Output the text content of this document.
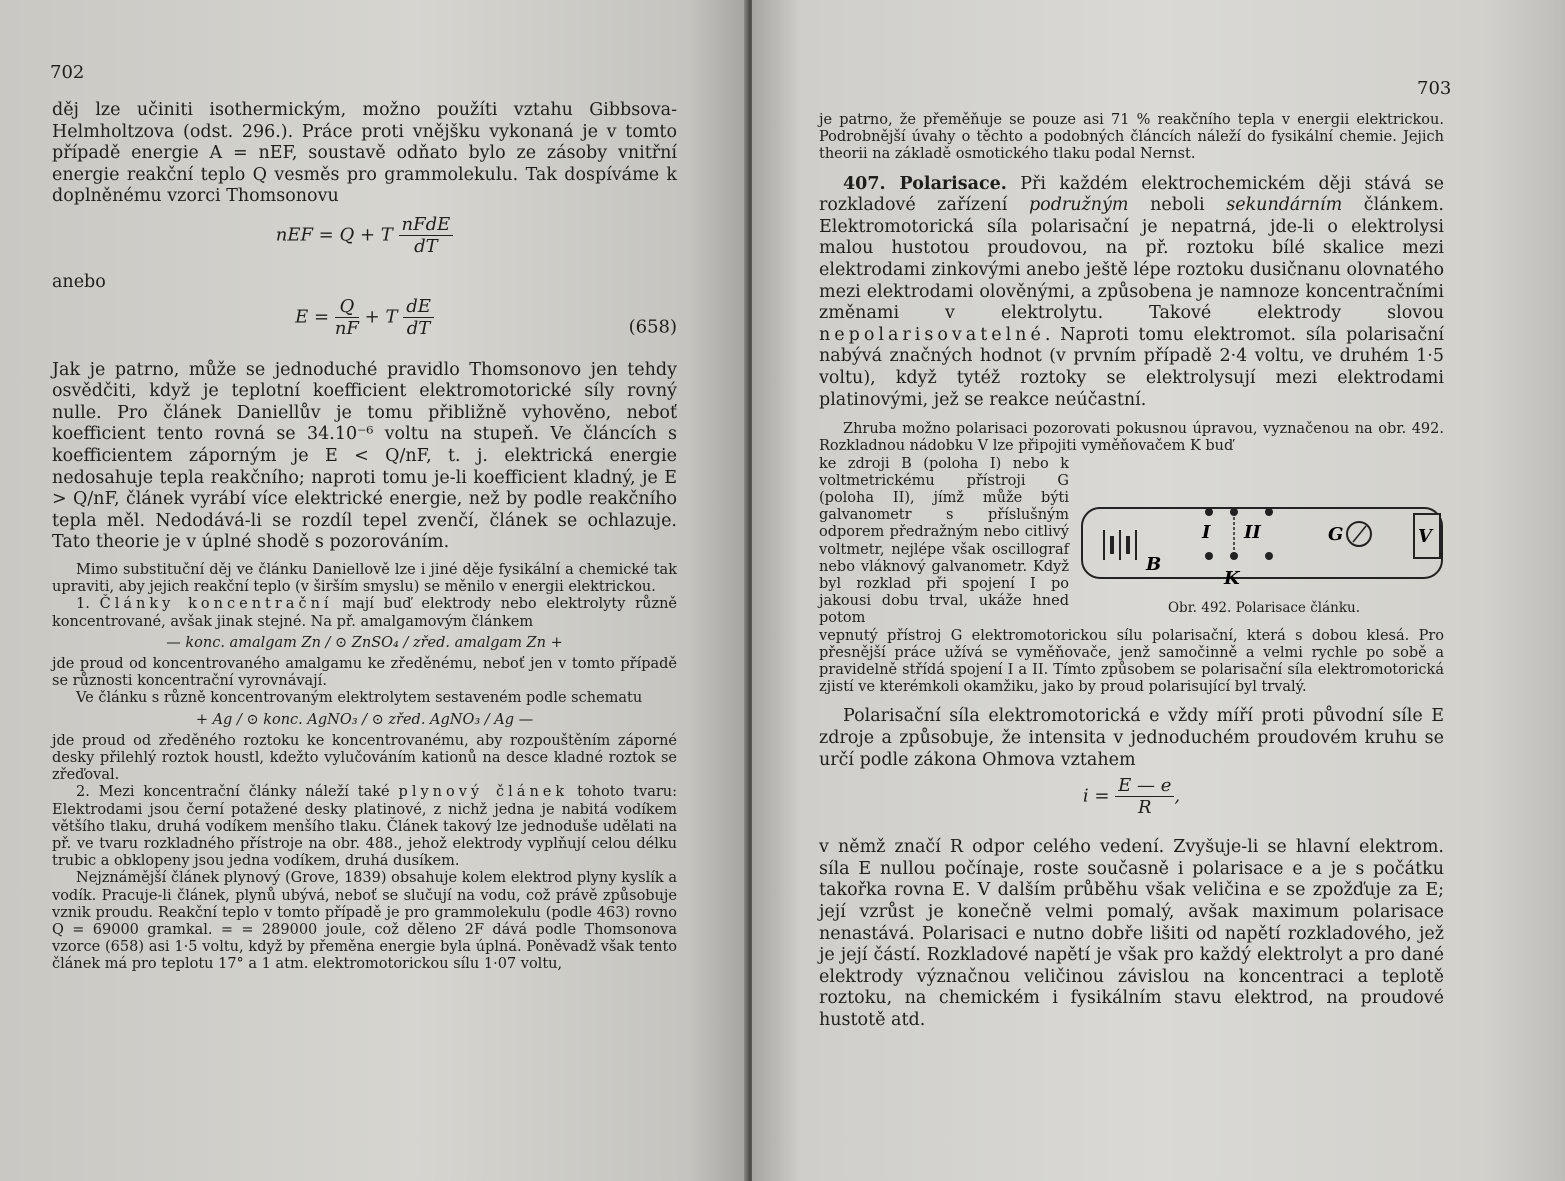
702

děj lze učiniti isothermickým, možno použíti vztahu Gibbsova-Helmholtzova (odst. 296.). Práce proti vnějšku vykonaná je v tomto případě energie A = nEF, soustavě odňato bylo ze zásoby vnitřní energie reakční teplo Q vesměs pro grammolekulu. Tak dospíváme k doplněnému vzorci Thomsonovu

nEF = Q + T $\frac{\text{nFdE}}{dT}$

anebo

$E = \frac{Q}{nF} + T \frac{dE}{dT}$	(658)

Jak je patrno, může se jednoduché pravidlo Thomsonovo jen tehdy osvědčiti, když je teplotní koefficient elektromotorické síly rovný nulle. Pro článek Daniellův je tomu přibližně vyhověno, neboť koefficient tento rovná se 34.10⁻⁶ voltu na stupeň. Ve článcích s koefficientem záporným je E < Q/nF, t. j. elektrická energie nedosahuje tepla reakčního; naproti tomu je-li koefficient kladný, je E > Q/nF, článek vyrábí více elektrické energie, než by podle reakčního tepla měl. Nedodává-li se rozdíl tepel zvenčí, článek se ochlazuje. Tato theorie je v úplné shodě s pozorováním.

Mimo substituční děj ve článku Daniellově lze i jiné děje fysikální a chemické tak upraviti, aby jejich reakční teplo (v širším smyslu) se měnilo v energii elektrickou.

1. Články koncentrační mají buď elektrody nebo elektrolyty různě koncentrované, avšak jinak stejné. Na př. amalgamovým článkem

— konc. amalgam Zn / ⊙ ZnSO₄ / zřed. amalgam Zn +

jde proud od koncentrovaného amalgamu ke zředěnému, neboť jen v tomto případě se různosti koncentrační vyrovnávají.

Ve článku s různě koncentrovaným elektrolytem sestaveném podle schematu

+ Ag / ⊙ konc. AgNO₃ / ⊙ zřed. AgNO₃ / Ag —

jde proud od zředěného roztoku ke koncentrovanému, aby rozpouštěním záporné desky přilehlý roztok houstl, kdežto vylučováním kationů na desce kladné roztok se zřeďoval.

2. Mezi koncentrační články náleží také plynový článek tohoto tvaru: Elektrodami jsou černí potažené desky platinové, z nichž jedna je nabitá vodíkem většího tlaku, druhá vodíkem menšího tlaku. Článek takový lze jednoduše udělati na př. ve tvaru rozkladného přístroje na obr. 488., jehož elektrody vyplňují celou délku trubic a obklopeny jsou jedna vodíkem, druhá dusíkem.

Nejznámější článek plynový (Grove, 1839) obsahuje kolem elektrod plyny kyslík a vodík. Pracuje-li článek, plynů ubývá, neboť se slučují na vodu, což právě způsobuje vznik proudu. Reakční teplo v tomto případě je pro grammolekulu (podle 463) rovno Q = 69000 gramkal. = = 289000 joule, což děleno 2F dává podle Thomsonova vzorce (658) asi 1·5 voltu, když by přeměna energie byla úplná. Poněvadž však tento článek má pro teplotu 17° a 1 atm. elektromotorickou sílu 1·07 voltu,

703

je patrno, že přeměňuje se pouze asi 71 % reakčního tepla v energii elektrickou. Podrobnější úvahy o těchto a podobných článcích náleží do fysikální chemie. Jejich theorii na základě osmotického tlaku podal Nernst.

407. Polarisace. Při každém elektrochemickém ději stává se rozkladové zařízení podružným neboli sekundárním článkem. Elektromotorická síla polarisační je nepatrná, jde-li o elektrolysi malou hustotou proudovou, na př. roztoku bílé skalice mezi elektrodami zinkovými anebo ještě lépe roztoku dusičnanu olovnatého mezi elektrodami olověnými, a způsobena je namnoze koncentračními změnami v elektrolytu. Takové elektrody slovou nepolarisovatelné. Naproti tomu elektromot. síla polarisační nabývá značných hodnot (v prvním případě 2·4 voltu, ve druhém 1·5 voltu), když tytéž roztoky se elektrolysují mezi elektrodami platinovými, jež se reakce neúčastní.

Zhruba možno polarisaci pozorovati pokusnou úpravou, vyznačenou na obr. 492. Rozkladnou nádobku V lze připojiti vyměňovačem K buď

ke zdroji B (poloha I) nebo k voltmetrickému přístroji G (poloha II), jímž může býti galvanometr s příslušným odporem předražným nebo citlivý voltmetr, nejlépe však oscillograf nebo vláknový galvanometr. Když byl rozklad při spojení I po jakousi dobu trval, ukáže hned potom

vepnutý přístroj G elektromotorickou sílu polarisační, která s dobou klesá. Pro přesnější práce užívá se vyměňovače, jenž samočinně a velmi rychle po sobě a pravidelně střídá spojení I a II. Tímto způsobem se polarisační síla elektromotorická zjistí ve kterémkoli okamžiku, jako by proud polarisující byl trvalý.

Polarisační síla elektromotorická e vždy míří proti původní síle E zdroje a způsobuje, že intensita v jednoduchém proudovém kruhu se určí podle zákona Ohmova vztahem

$i = \frac{E — e}{R}$ ,

v němž značí R odpor celého vedení. Zvyšuje-li se hlavní elektrom. síla E nullou počínaje, roste současně i polarisace e a je s počátku takořka rovna E. V dalším průběhu však veličina e se zpožďuje za E; její vzrůst je konečně velmi pomalý, avšak maximum polarisace nenastává. Polarisaci e nutno dobře lišiti od napětí rozkladového, jež je její částí. Rozkladové napětí je však pro každý elektrolyt a pro dané elektrody význačnou veličinou závislou na koncentraci a teplotě roztoku, na chemickém i fysikálním stavu elektrod, na proudové hustotě atd.

I II	G	V
B
K
Obr. 492. Polarisace článku.
